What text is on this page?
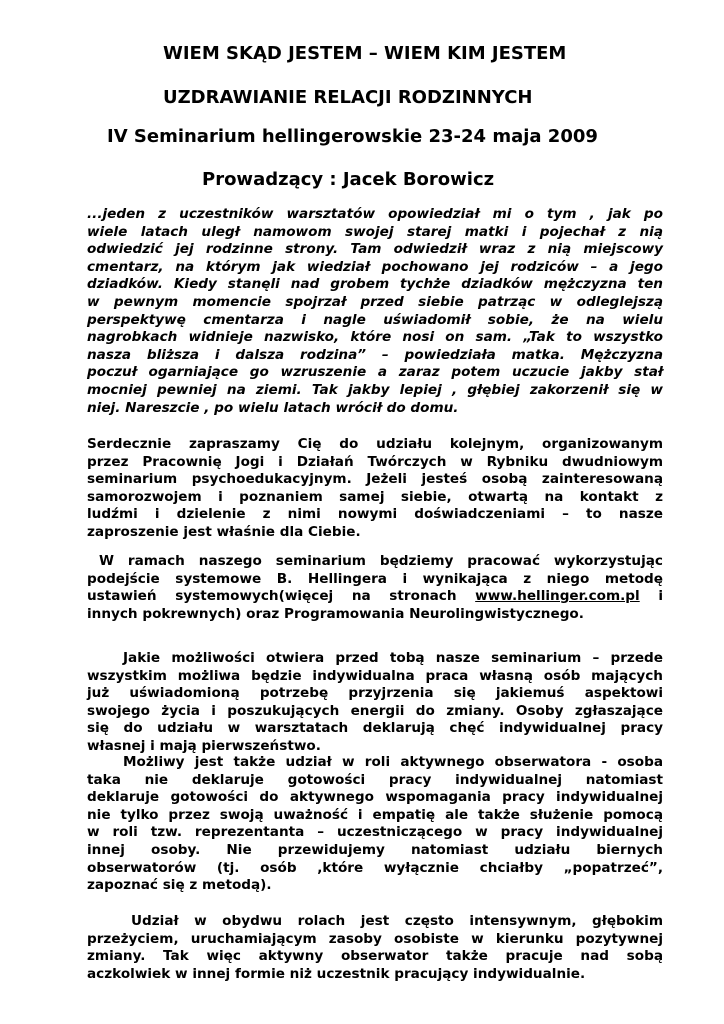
WIEM SKĄD JESTEM – WIEM KIM JESTEM
UZDRAWIANIE RELACJI RODZINNYCH
IV Seminarium hellingerowskie 23-24 maja 2009
Prowadzący : Jacek Borowicz
...jeden z uczestników warsztatów opowiedział mi o tym , jak po
wiele latach uległ namowom swojej starej matki i pojechał z nią
odwiedzić jej rodzinne strony. Tam odwiedził wraz z nią miejscowy
cmentarz, na którym jak wiedział pochowano jej rodziców – a jego
dziadków. Kiedy stanęli nad grobem tychże dziadków mężczyzna ten
w pewnym momencie spojrzał przed siebie patrząc w odleglejszą
perspektywę cmentarza i nagle uświadomił sobie, że na wielu
nagrobkach widnieje nazwisko, które nosi on sam. „Tak to wszystko
nasza bliższa i dalsza rodzina” – powiedziała matka. Mężczyzna
poczuł ogarniające go wzruszenie a zaraz potem uczucie jakby stał
mocniej pewniej na ziemi. Tak jakby lepiej , głębiej zakorzenił się w
niej. Nareszcie , po wielu latach wrócił do domu.
Serdecznie zapraszamy Cię do udziału kolejnym, organizowanym
przez Pracownię Jogi i Działań Twórczych w Rybniku dwudniowym
seminarium psychoedukacyjnym. Jeżeli jesteś osobą zainteresowaną
samorozwojem i poznaniem samej siebie, otwartą na kontakt z
ludźmi i dzielenie z nimi nowymi doświadczeniami – to nasze
zaproszenie jest właśnie dla Ciebie.
W ramach naszego seminarium będziemy pracować wykorzystując
podejście systemowe B. Hellingera i wynikająca z niego metodę
ustawień systemowych(więcej na stronach www.hellinger.com.pl i
innych pokrewnych) oraz Programowania Neurolingwistycznego.
Jakie możliwości otwiera przed tobą nasze seminarium – przede
wszystkim możliwa będzie indywidualna praca własną osób mających
już uświadomioną potrzebę przyjrzenia się jakiemuś aspektowi
swojego życia i poszukujących energii do zmiany. Osoby zgłaszające
się do udziału w warsztatach deklarują chęć indywidualnej pracy
własnej i mają pierwszeństwo.
Możliwy jest także udział w roli aktywnego obserwatora - osoba
taka nie deklaruje gotowości pracy indywidualnej natomiast
deklaruje gotowości do aktywnego wspomagania pracy indywidualnej
nie tylko przez swoją uważność i empatię ale także służenie pomocą
w roli tzw. reprezentanta – uczestniczącego w pracy indywidualnej
innej osoby. Nie przewidujemy natomiast udziału biernych
obserwatorów (tj. osób ,które wyłącznie chciałby „popatrzeć”,
zapoznać się z metodą).
Udział w obydwu rolach jest często intensywnym, głębokim
przeżyciem, uruchamiającym zasoby osobiste w kierunku pozytywnej
zmiany. Tak więc aktywny obserwator także pracuje nad sobą
aczkolwiek w innej formie niż uczestnik pracujący indywidualnie.
